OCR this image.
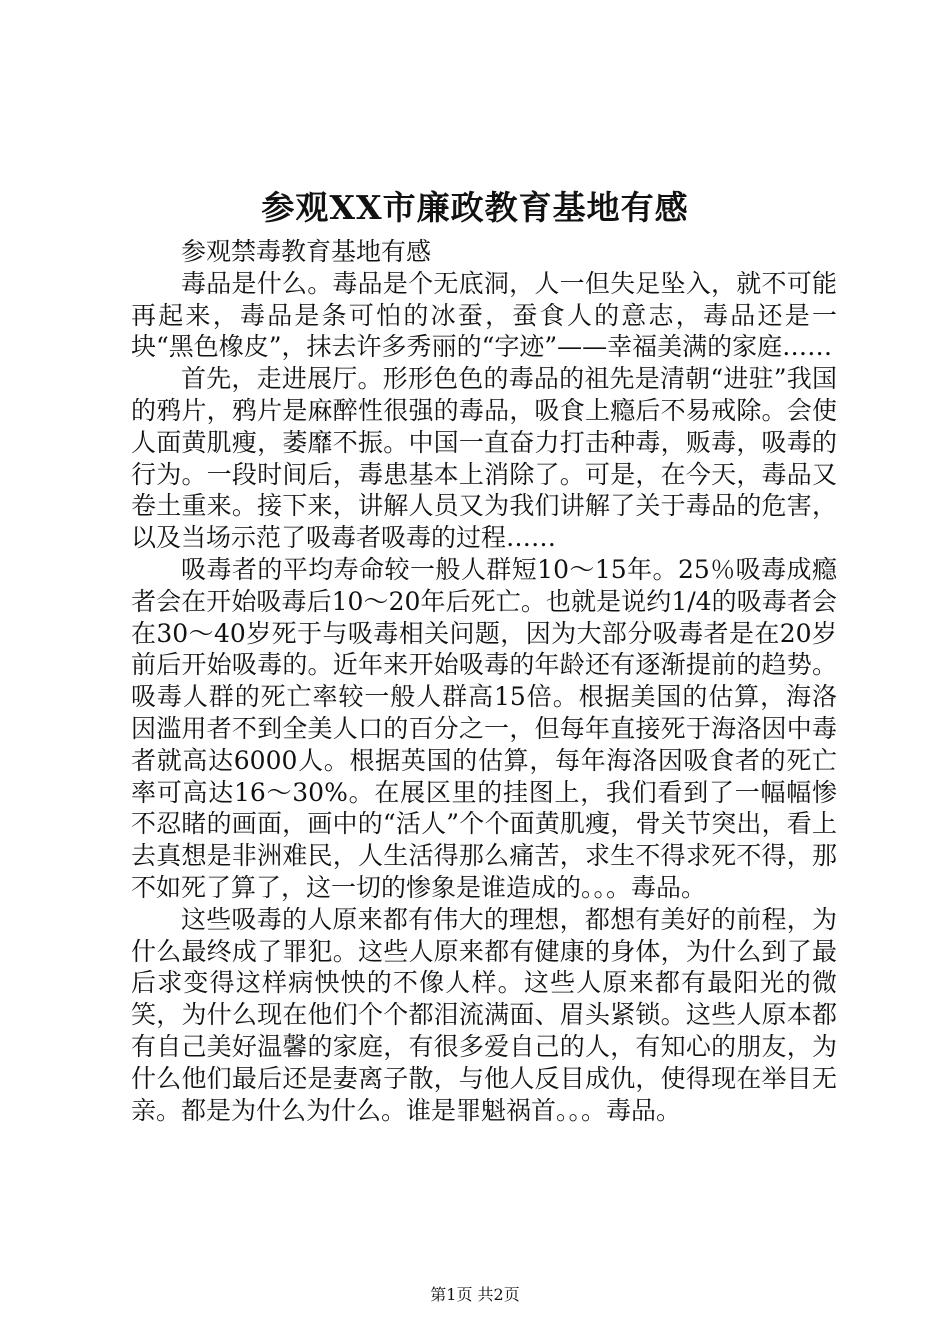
参观XX市廉政教育基地有感

参观禁毒教育基地有感

毒品是什么。毒品是个无底洞，人一但失足坠入，就不可能再起来，毒品是条可怕的冰蚕，蚕食人的意志，毒品还是一块“黑色橡皮”，抹去许多秀丽的“字迹”——幸福美满的家庭……

首先，走进展厅。形形色色的毒品的祖先是清朝“进驻”我国的鸦片，鸦片是麻醉性很强的毒品，吸食上瘾后不易戒除。会使人面黄肌瘦，萎靡不振。中国一直奋力打击种毒，贩毒，吸毒的行为。一段时间后，毒患基本上消除了。可是，在今天，毒品又卷土重来。接下来，讲解人员又为我们讲解了关于毒品的危害，以及当场示范了吸毒者吸毒的过程……

吸毒者的平均寿命较一般人群短10～15年。25％吸毒成瘾者会在开始吸毒后10～20年后死亡。也就是说约1/4的吸毒者会在30～40岁死于与吸毒相关问题，因为大部分吸毒者是在20岁前后开始吸毒的。近年来开始吸毒的年龄还有逐渐提前的趋势。吸毒人群的死亡率较一般人群高15倍。根据美国的估算，海洛因滥用者不到全美人口的百分之一，但每年直接死于海洛因中毒者就高达6000人。根据英国的估算，每年海洛因吸食者的死亡率可高达16～30%。在展区里的挂图上，我们看到了一幅幅惨不忍睹的画面，画中的“活人”个个面黄肌瘦，骨关节突出，看上去真想是非洲难民，人生活得那么痛苦，求生不得求死不得，那不如死了算了，这一切的惨象是谁造成的。。。毒品。

这些吸毒的人原来都有伟大的理想，都想有美好的前程，为什么最终成了罪犯。这些人原来都有健康的身体，为什么到了最后求变得这样病怏怏的不像人样。这些人原来都有最阳光的微笑，为什么现在他们个个都泪流满面、眉头紧锁。这些人原本都有自己美好温馨的家庭，有很多爱自己的人，有知心的朋友，为什么他们最后还是妻离子散，与他人反目成仇，使得现在举目无亲。都是为什么为什么。谁是罪魁祸首。。。毒品。

第1页 共2页
